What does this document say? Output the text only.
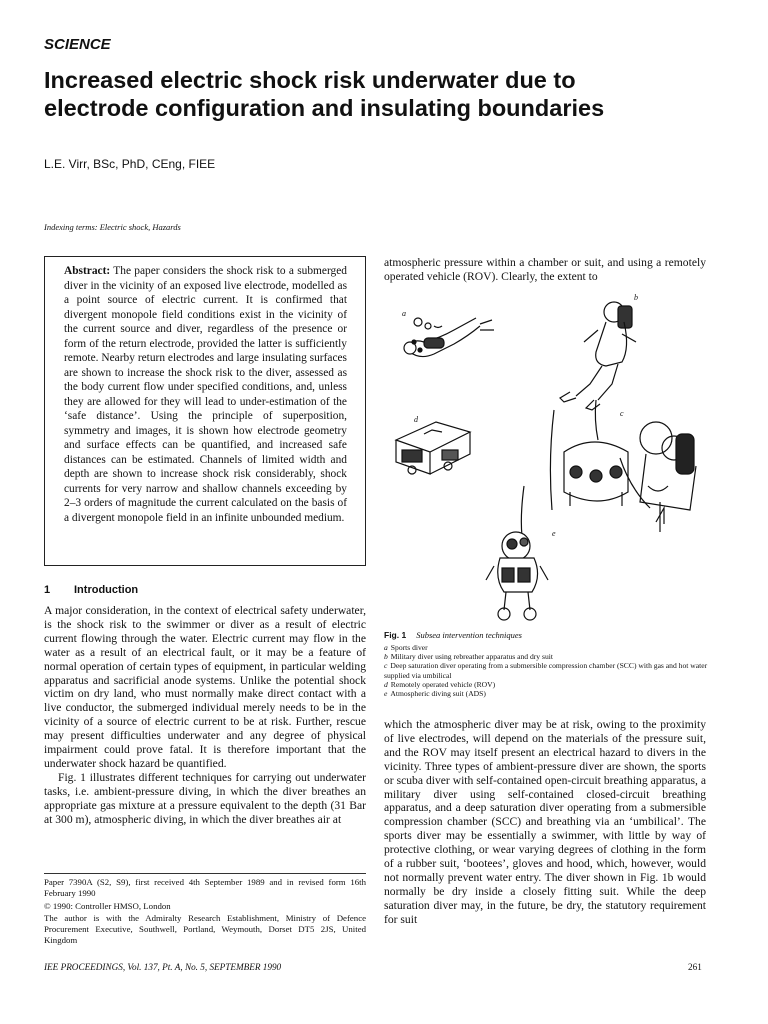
SCIENCE
Increased electric shock risk underwater due to
electrode configuration and insulating boundaries
L.E. Virr, BSc, PhD, CEng, FIEE
Indexing terms: Electric shock, Hazards
Abstract: The paper considers the shock risk to a submerged diver in the vicinity of an exposed live electrode, modelled as a point source of electric current. It is confirmed that divergent monopole field conditions exist in the vicinity of the current source and diver, regardless of the presence or form of the return electrode, provided the latter is sufficiently remote. Nearby return electrodes and large insulating surfaces are shown to increase the shock risk to the diver, assessed as the body current flow under specified conditions, and, unless they are allowed for they will lead to under-estimation of the ‘safe distance’. Using the principle of superposition, symmetry and images, it is shown how electrode geometry and surface effects can be quantified, and increased safe distances can be estimated. Channels of limited width and depth are shown to increase shock risk considerably, shock currents for very narrow and shallow channels exceeding by 2–3 orders of magnitude the current calculated on the basis of a divergent monopole field in an infinite unbounded medium.
1 Introduction

A major consideration, in the context of electrical safety underwater, is the shock risk to the swimmer or diver as a result of electric current flowing through the water. Electric current may flow in the water as a result of an electrical fault, or it may be a feature of normal operation of certain types of equipment, in particular welding apparatus and sacrificial anode systems. Unlike the potential shock victim on dry land, who must normally make direct contact with a live conductor, the submerged individual merely needs to be in the vicinity of a source of electric current to be at risk. Further, rescue may present difficulties underwater and any degree of physical impairment could prove fatal. It is therefore important that the underwater shock hazard be quantified.

Fig. 1 illustrates different techniques for carrying out underwater tasks, i.e. ambient-pressure diving, in which the diver breathes an appropriate gas mixture at a pressure equivalent to the depth (31 Bar at 300 m), atmospheric diving, in which the diver breathes air at

Paper 7390A (S2, S9), first received 4th September 1989 and in revised form 16th February 1990
© 1990: Controller HMSO, London
The author is with the Admiralty Research Establishment, Ministry of Defence Procurement Executive, Southwell, Portland, Weymouth, Dorset DT5 2JS, United Kingdom
atmospheric pressure within a chamber or suit, and using a remotely operated vehicle (ROV). Clearly, the extent to
a
b
d
c
e
Fig. 1 Subsea intervention techniques
a Sports diver
b Military diver using rebreather apparatus and dry suit
c Deep saturation diver operating from a submersible compression chamber (SCC) with gas and hot water supplied via umbilical
d Remotely operated vehicle (ROV)
e Atmospheric diving suit (ADS)
which the atmospheric diver may be at risk, owing to the proximity of live electrodes, will depend on the materials of the pressure suit, and the ROV may itself present an electrical hazard to divers in the vicinity. Three types of ambient-pressure diver are shown, the sports or scuba diver with self-contained open-circuit breathing apparatus, a military diver using self-contained closed-circuit breathing apparatus, and a deep saturation diver operating from a submersible compression chamber (SCC) and breathing via an ‘umbilical’. The sports diver may be essentially a swimmer, with little by way of protective clothing, or wear varying degrees of clothing in the form of a rubber suit, ‘bootees’, gloves and hood, which, however, would not normally prevent water entry. The diver shown in Fig. 1b would normally be dry inside a closely fitting suit. While the deep saturation diver may, in the future, be dry, the statutory requirement for suit
IEE PROCEEDINGS, Vol. 137, Pt. A, No. 5, SEPTEMBER 1990	261
